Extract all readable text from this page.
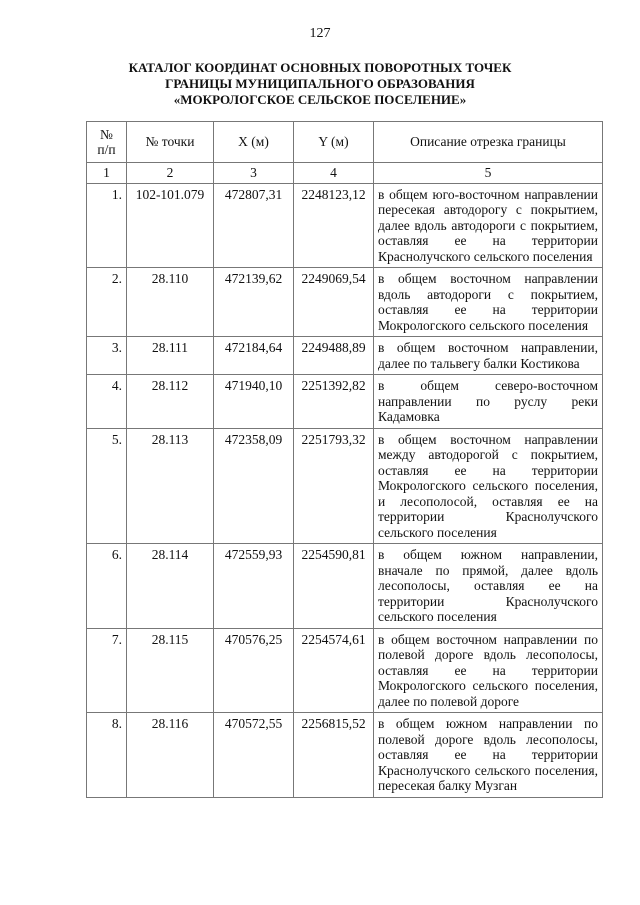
127
КАТАЛОГ КООРДИНАТ ОСНОВНЫХ ПОВОРОТНЫХ ТОЧЕК
ГРАНИЦЫ МУНИЦИПАЛЬНОГО ОБРАЗОВАНИЯ
«МОКРОЛОГСКОЕ СЕЛЬСКОЕ ПОСЕЛЕНИЕ»
№
п/п	№ точки	X (м)	Y (м)	Описание отрезка границы
1	2	3	4	5
1.	102-101.079	472807,31	2248123,12	в общем юго-восточном направлении пересекая автодорогу с покрытием, далее вдоль автодороги с покрытием, оставляя ее на территории Краснолучского сельского поселения
2.	28.110	472139,62	2249069,54	в общем восточном направлении вдоль автодороги с покрытием, оставляя ее на территории Мокрологского сельского поселения
3.	28.111	472184,64	2249488,89	в общем восточном направлении, далее по тальвегу балки Костикова
4.	28.112	471940,10	2251392,82	в общем северо-восточном направлении по руслу реки Кадамовка
5.	28.113	472358,09	2251793,32	в общем восточном направлении между автодорогой с покрытием, оставляя ее на территории Мокрологского сельского поселения, и лесополосой, оставляя ее на территории Краснолучского сельского поселения
6.	28.114	472559,93	2254590,81	в общем южном направлении, вначале по прямой, далее вдоль лесополосы, оставляя ее на территории Краснолучского сельского поселения
7.	28.115	470576,25	2254574,61	в общем восточном направлении по полевой дороге вдоль лесополосы, оставляя ее на территории Мокрологского сельского поселения, далее по полевой дороге
8.	28.116	470572,55	2256815,52	в общем южном направлении по полевой дороге вдоль лесополосы, оставляя ее на территории Краснолучского сельского поселения, пересекая балку Музган
